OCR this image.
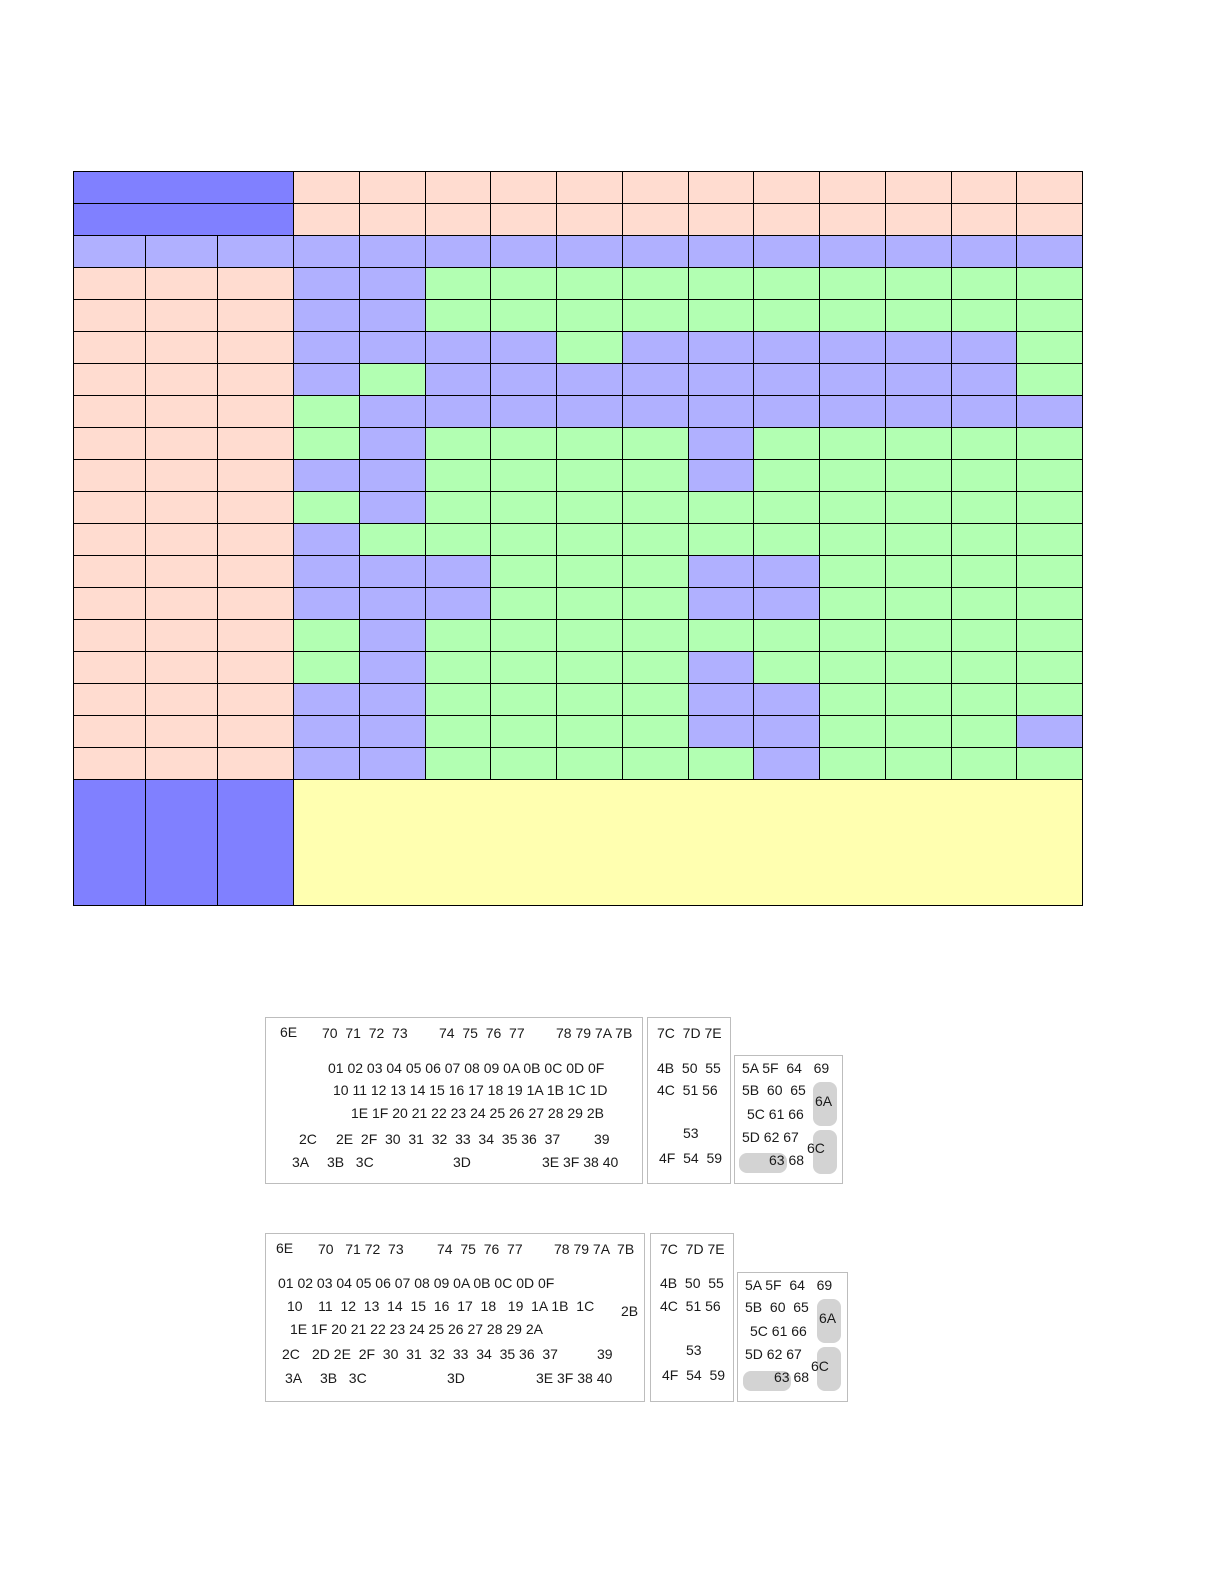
6E 70  71  72  73 74  75  76  77 78 79 7A 7B
01 02 03 04 05 06 07 08 09 0A 0B 0C 0D 0F
10 11 12 13 14 15 16 17 18 19 1A 1B 1C 1D
1E 1F 20 21 22 23 24 25 26 27 28 29 2B
2C 2E  2F  30  31  32  33  34  35 36  37 39
3A 3B   3C	3D	3E 3F 38 40
7C  7D 7E
4B  50  55
4C  51 56
53
4F  54  59
5A 5F  64   69
5B  60  65
5C 61 66
5D 62 67
63 68
6A
6C
6E 70   71 72  73 74  75  76  77 78 79 7A  7B
01 02 03 04 05 06 07 08 09 0A 0B 0C 0D 0F
10    11  12  13  14  15  16  17  18   19  1A 1B  1C 2B
1E 1F 20 21 22 23 24 25 26 27 28 29 2A
2C 2D 2E  2F  30  31  32  33  34  35 36  37	39
3A 3B   3C	3D	3E 3F 38 40
7C  7D 7E
4B  50  55
4C  51 56
53
4F  54  59
5A 5F  64   69
5B  60  65
5C 61 66
5D 62 67
63 68
6A
6C
